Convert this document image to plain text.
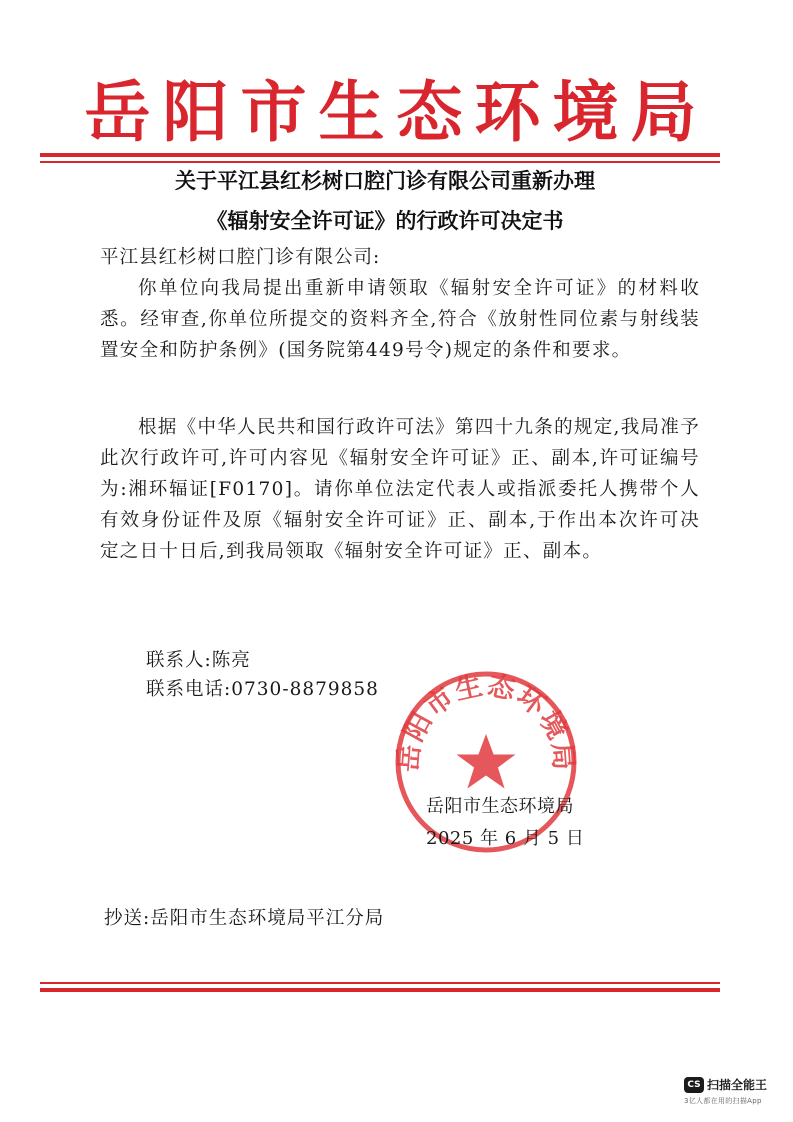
岳阳市生态环境局
关于平江县红杉树口腔门诊有限公司重新办理
《辐射安全许可证》的行政许可决定书
平江县红杉树口腔门诊有限公司:
你单位向我局提出重新申请领取《辐射安全许可证》的材料收悉。经审查,你单位所提交的资料齐全,符合《放射性同位素与射线装置安全和防护条例》(国务院第449号令)规定的条件和要求。
根据《中华人民共和国行政许可法》第四十九条的规定,我局准予此次行政许可,许可内容见《辐射安全许可证》正、副本,许可证编号为:湘环辐证[F0170]。请你单位法定代表人或指派委托人携带个人有效身份证件及原《辐射安全许可证》正、副本,于作出本次许可决定之日十日后,到我局领取《辐射安全许可证》正、副本。
联系人:陈亮
联系电话:0730-8879858
岳阳市生态环境局
岳阳市生态环境局
2025 年 6 月 5 日
抄送:岳阳市生态环境局平江分局
CS 扫描全能王
3亿人都在用的扫描App
